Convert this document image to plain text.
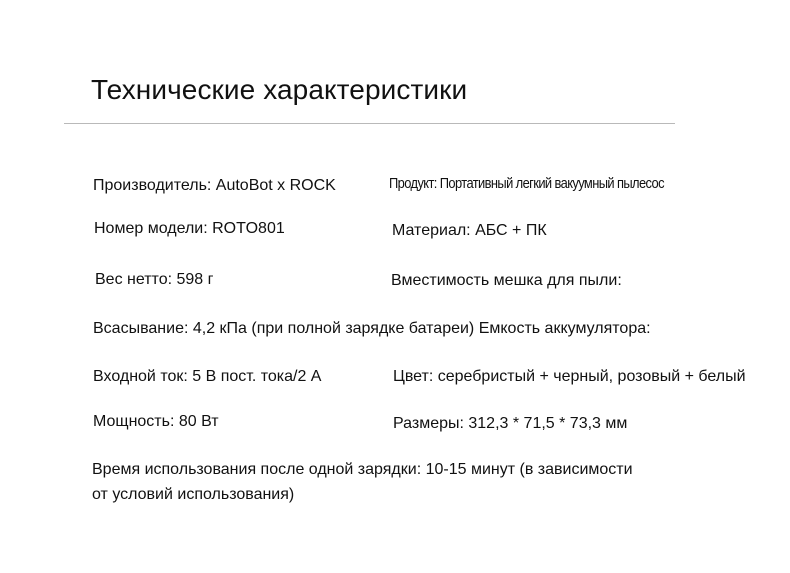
Технические характеристики
Производитель: AutoBot x ROCK	Продукт: Портативный легкий вакуумный пылесос
Номер модели: ROTO801	Материал: АБС + ПК
Вес нетто: 598 г	Вместимость мешка для пыли:
Всасывание: 4,2 кПа (при полной зарядке батареи) Емкость аккумулятора:
Входной ток: 5 В пост. тока/2 А	Цвет: серебристый + черный, розовый + белый
Мощность: 80 Вт	Размеры: 312,3 * 71,5 * 73,3 мм
Время использования после одной зарядки: 10-15 минут (в зависимости
от условий использования)
